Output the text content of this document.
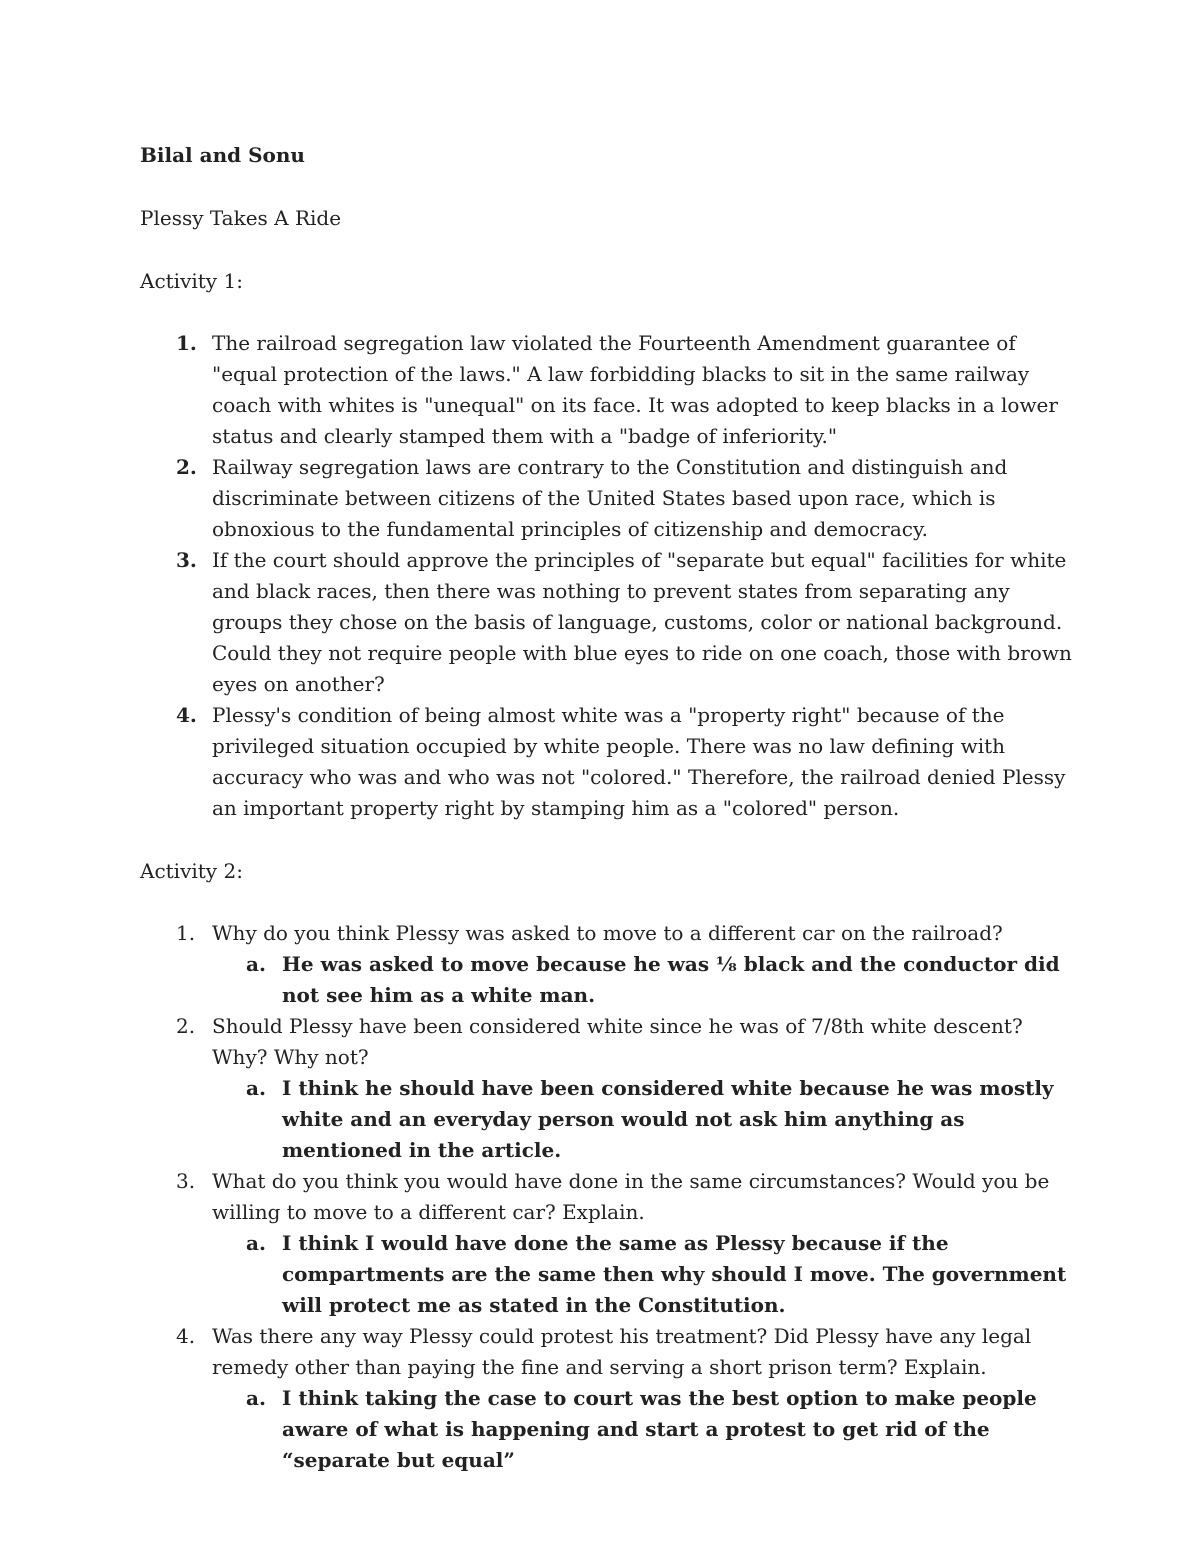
Bilal and Sonu

Plessy Takes A Ride

Activity 1:

1. The railroad segregation law violated the Fourteenth Amendment guarantee of "equal protection of the laws." A law forbidding blacks to sit in the same railway coach with whites is "unequal" on its face. It was adopted to keep blacks in a lower status and clearly stamped them with a "badge of inferiority."
2. Railway segregation laws are contrary to the Constitution and distinguish and discriminate between citizens of the United States based upon race, which is obnoxious to the fundamental principles of citizenship and democracy.
3. If the court should approve the principles of "separate but equal" facilities for white and black races, then there was nothing to prevent states from separating any groups they chose on the basis of language, customs, color or national background. Could they not require people with blue eyes to ride on one coach, those with brown eyes on another?
4. Plessy's condition of being almost white was a "property right" because of the privileged situation occupied by white people. There was no law defining with accuracy who was and who was not "colored." Therefore, the railroad denied Plessy an important property right by stamping him as a "colored" person.

Activity 2:

1. Why do you think Plessy was asked to move to a different car on the railroad?
a. He was asked to move because he was ⅛ black and the conductor did not see him as a white man.
2. Should Plessy have been considered white since he was of 7/8th white descent? Why? Why not?
a. I think he should have been considered white because he was mostly white and an everyday person would not ask him anything as mentioned in the article.
3. What do you think you would have done in the same circumstances? Would you be willing to move to a different car? Explain.
a. I think I would have done the same as Plessy because if the compartments are the same then why should I move. The government will protect me as stated in the Constitution.
4. Was there any way Plessy could protest his treatment? Did Plessy have any legal remedy other than paying the fine and serving a short prison term? Explain.
a. I think taking the case to court was the best option to make people aware of what is happening and start a protest to get rid of the “separate but equal”
